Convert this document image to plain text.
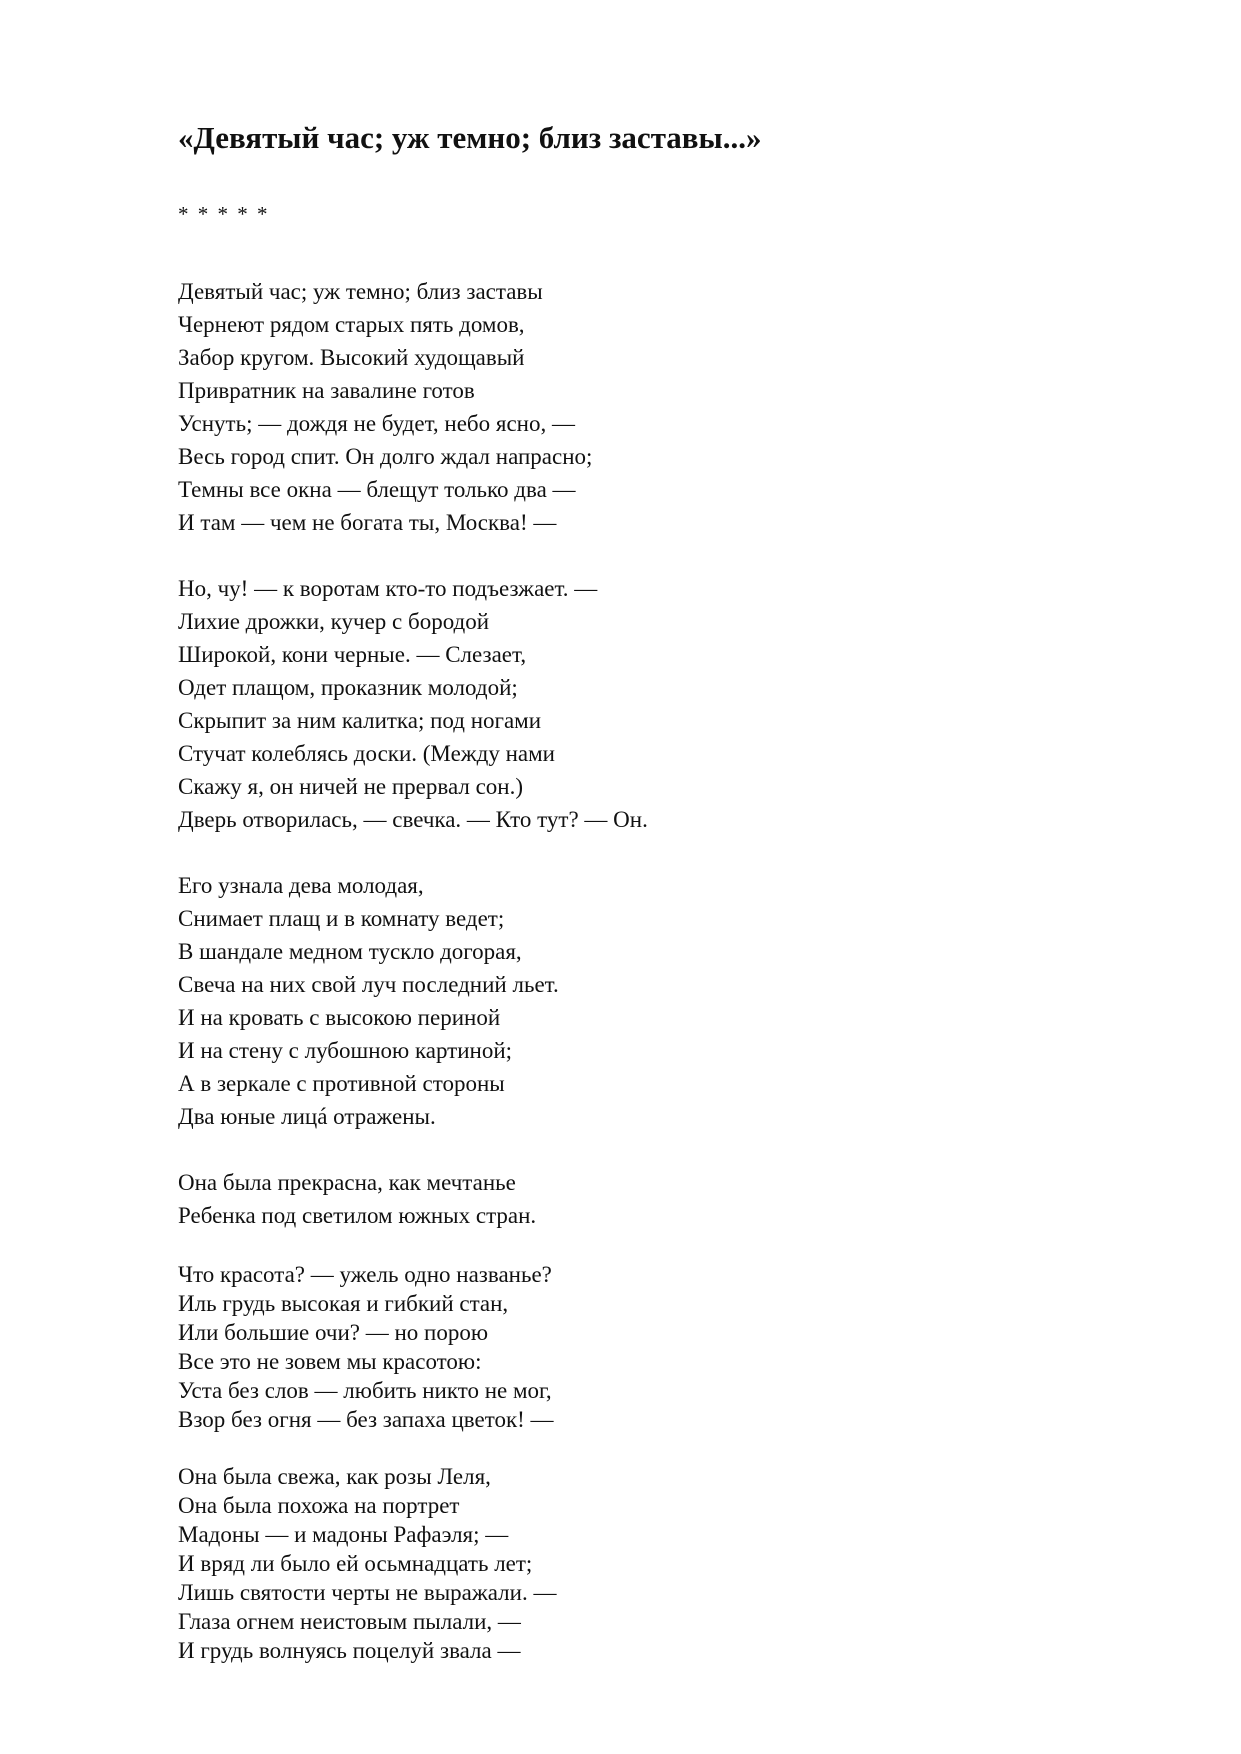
«Девятый час; уж темно; близ заставы...»
* * * * *
Девятый час; уж темно; близ заставы
Чернеют рядом старых пять домов,
Забор кругом. Высокий худощавый
Привратник на завалине готов
Уснуть; — дождя не будет, небо ясно, —
Весь город спит. Он долго ждал напрасно;
Темны все окна — блещут только два —
И там — чем не богата ты, Москва! —
Но, чу! — к воротам кто-то подъезжает. —
Лихие дрожки, кучер с бородой
Широкой, кони черные. — Слезает,
Одет плащом, проказник молодой;
Скрыпит за ним калитка; под ногами
Стучат колеблясь доски. (Между нами
Скажу я, он ничей не прервал сон.)
Дверь отворилась, — свечка. — Кто тут? — Он.
Его узнала дева молодая,
Снимает плащ и в комнату ведет;
В шандале медном тускло догорая,
Свеча на них свой луч последний льет.
И на кровать с высокою периной
И на стену с лубошною картиной;
А в зеркале с противной стороны
Два юные лицá отражены.
Она была прекрасна, как мечтанье
Ребенка под светилом южных стран.
Что красота? — ужель одно названье?
Иль грудь высокая и гибкий стан,
Или большие очи? — но порою
Все это не зовем мы красотою:
Уста без слов — любить никто не мог,
Взор без огня — без запаха цветок! —
Она была свежа, как розы Леля,
Она была похожа на портрет
Мадоны — и мадоны Рафаэля; —
И вряд ли было ей осьмнадцать лет;
Лишь святости черты не выражали. —
Глаза огнем неистовым пылали, —
И грудь волнуясь поцелуй звала —
